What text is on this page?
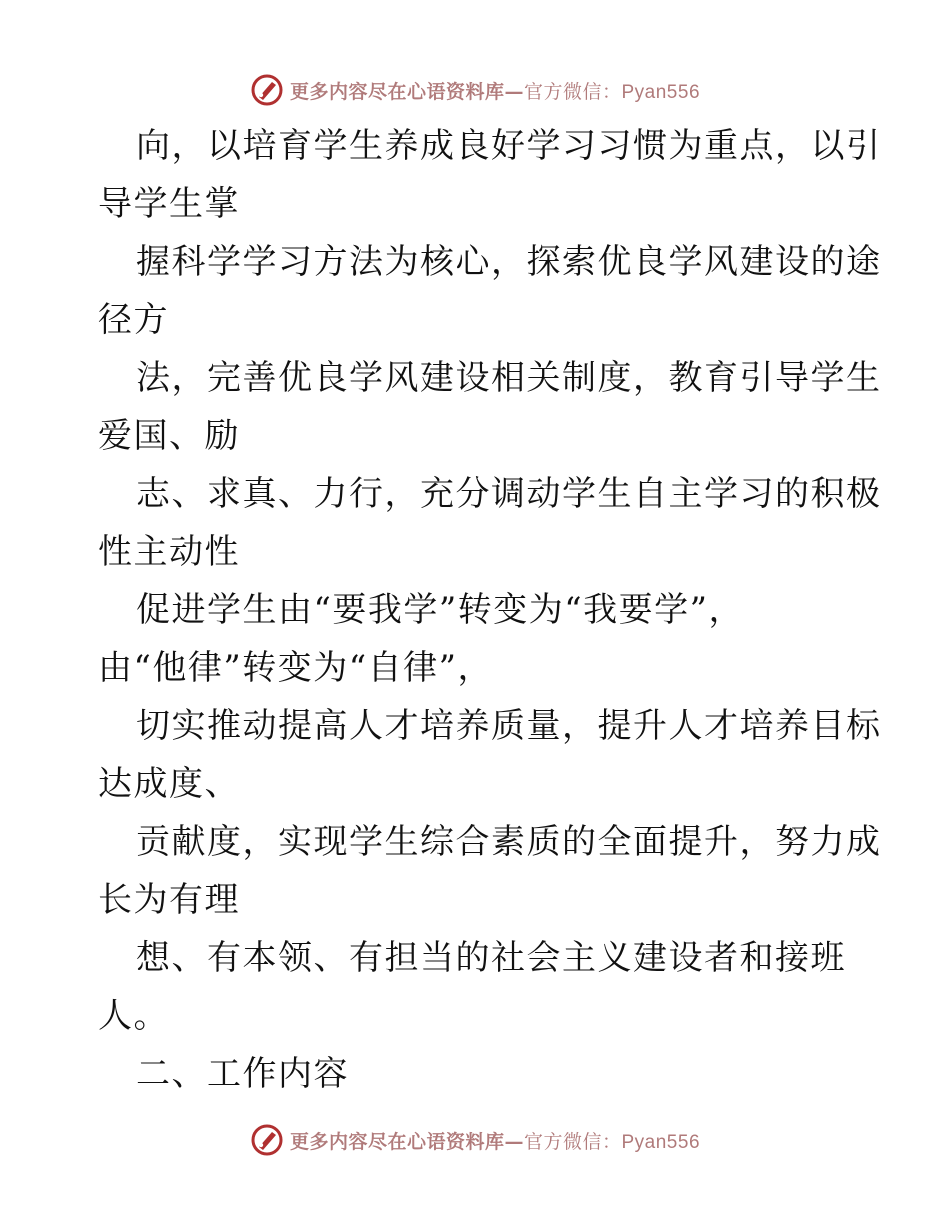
更多内容尽在心语资料库—官方微信：Pyan556
向，以培育学生养成良好学习习惯为重点，以引
导学生掌
握科学学习方法为核心，探索优良学风建设的途
径方
法，完善优良学风建设相关制度，教育引导学生
爱国、励
志、求真、力行，充分调动学生自主学习的积极
性主动性
促进学生由“要我学”转变为“我要学”，
由“他律”转变为“自律”，
切实推动提高人才培养质量，提升人才培养目标
达成度、
贡献度，实现学生综合素质的全面提升，努力成
长为有理
想、有本领、有担当的社会主义建设者和接班
人。
二、工作内容
更多内容尽在心语资料库—官方微信：Pyan556
